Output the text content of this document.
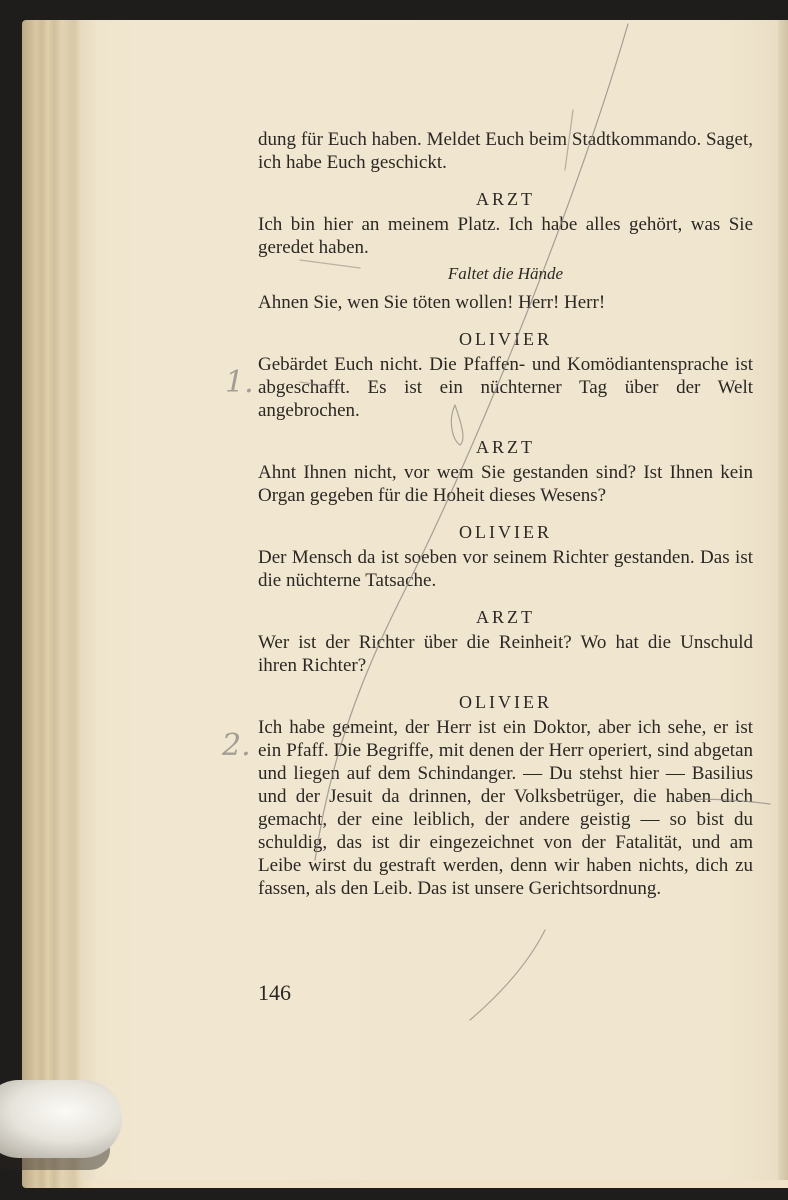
dung für Euch haben. Meldet Euch beim Stadtkommando. Saget, ich habe Euch geschickt.

ARZT

Ich bin hier an meinem Platz. Ich habe alles gehört, was Sie geredet haben.

Faltet die Hände

Ahnen Sie, wen Sie töten wollen! Herr! Herr!

OLIVIER

Gebärdet Euch nicht. Die Pfaffen- und Komödiantensprache ist abgeschafft. Es ist ein nüchterner Tag über der Welt angebrochen.

ARZT

Ahnt Ihnen nicht, vor wem Sie gestanden sind? Ist Ihnen kein Organ gegeben für die Hoheit dieses Wesens?

OLIVIER

Der Mensch da ist soeben vor seinem Richter gestanden. Das ist die nüchterne Tatsache.

ARZT

Wer ist der Richter über die Reinheit? Wo hat die Unschuld ihren Richter?

OLIVIER

Ich habe gemeint, der Herr ist ein Doktor, aber ich sehe, er ist ein Pfaff. Die Begriffe, mit denen der Herr operiert, sind abgetan und liegen auf dem Schindanger. — Du stehst hier — Basilius und der Jesuit da drinnen, der Volksbetrüger, die haben dich gemacht, der eine leiblich, der andere geistig — so bist du schuldig, das ist dir eingezeichnet von der Fatalität, und am Leibe wirst du gestraft werden, denn wir haben nichts, dich zu fassen, als den Leib. Das ist unsere Gerichtsordnung.

146
1.
2.
